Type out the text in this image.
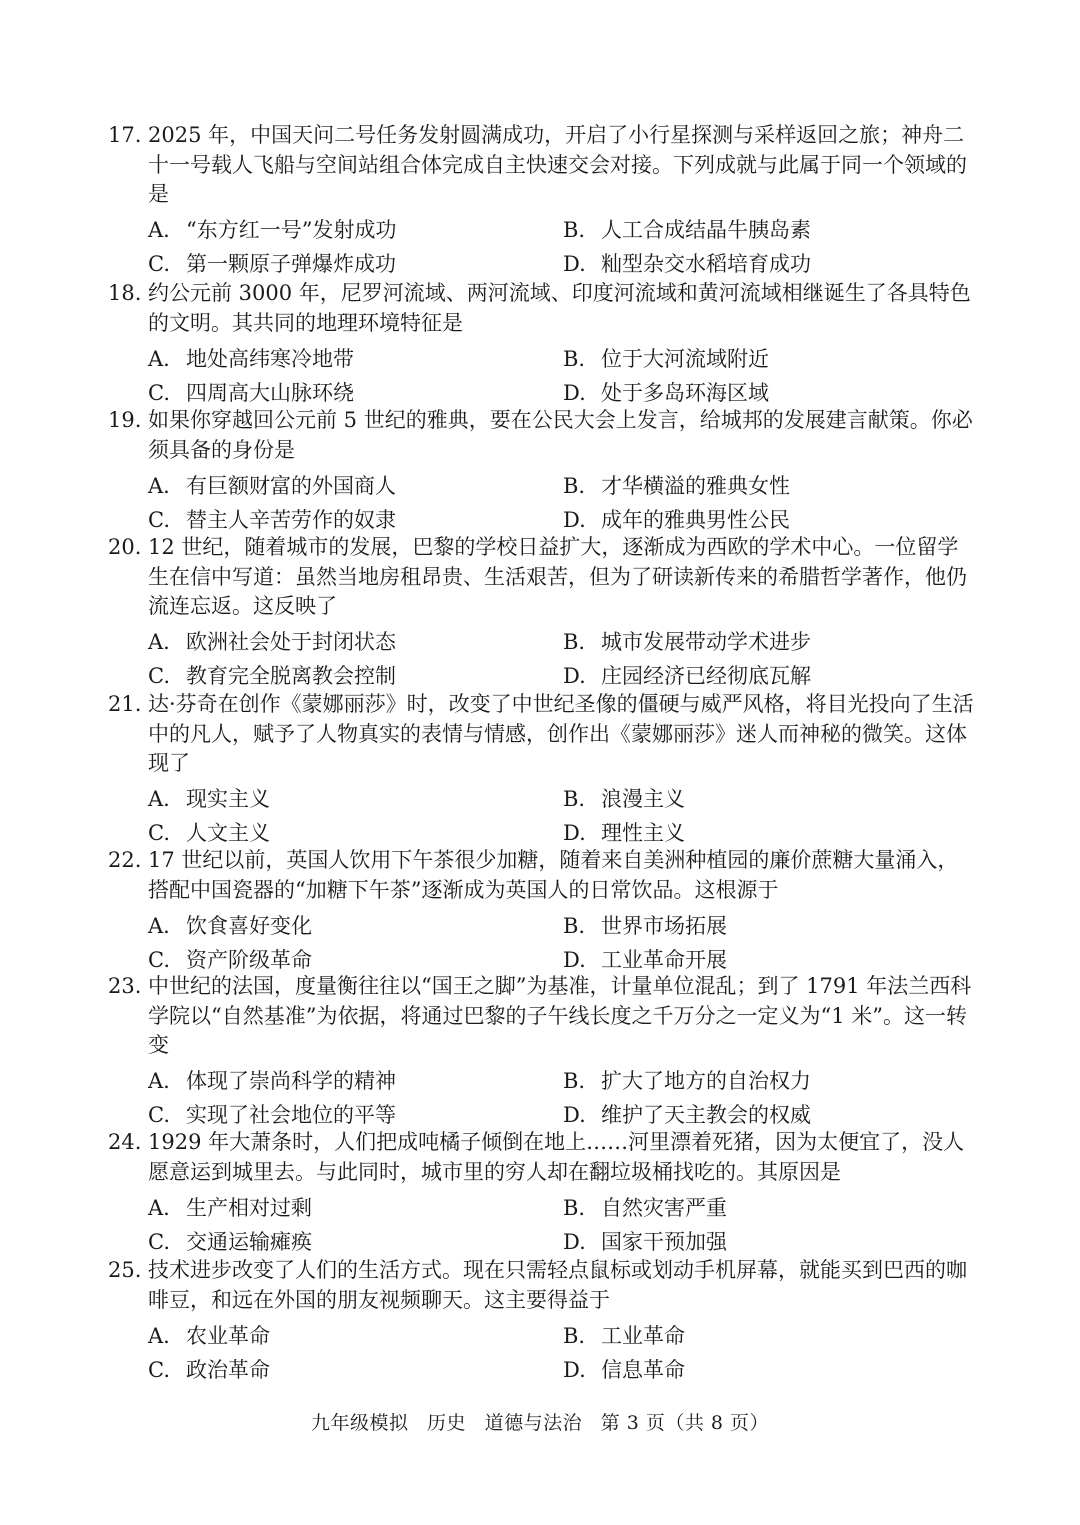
17. 2025 年，中国天问二号任务发射圆满成功，开启了小行星探测与采样返回之旅；神舟二十一号载人飞船与空间站组合体完成自主快速交会对接。下列成就与此属于同一个领域的是
A. “东方红一号”发射成功	B. 人工合成结晶牛胰岛素
C. 第一颗原子弹爆炸成功	D. 籼型杂交水稻培育成功
18. 约公元前 3000 年，尼罗河流域、两河流域、印度河流域和黄河流域相继诞生了各具特色的文明。其共同的地理环境特征是
A. 地处高纬寒冷地带	B. 位于大河流域附近
C. 四周高大山脉环绕	D. 处于多岛环海区域
19. 如果你穿越回公元前 5 世纪的雅典，要在公民大会上发言，给城邦的发展建言献策。你必须具备的身份是
A. 有巨额财富的外国商人	B. 才华横溢的雅典女性
C. 替主人辛苦劳作的奴隶	D. 成年的雅典男性公民
20. 12 世纪，随着城市的发展，巴黎的学校日益扩大，逐渐成为西欧的学术中心。一位留学生在信中写道：虽然当地房租昂贵、生活艰苦，但为了研读新传来的希腊哲学著作，他仍流连忘返。这反映了
A. 欧洲社会处于封闭状态	B. 城市发展带动学术进步
C. 教育完全脱离教会控制	D. 庄园经济已经彻底瓦解
21. 达·芬奇在创作《蒙娜丽莎》时，改变了中世纪圣像的僵硬与威严风格，将目光投向了生活中的凡人，赋予了人物真实的表情与情感，创作出《蒙娜丽莎》迷人而神秘的微笑。这体现了
A. 现实主义	B. 浪漫主义
C. 人文主义	D. 理性主义
22. 17 世纪以前，英国人饮用下午茶很少加糖，随着来自美洲种植园的廉价蔗糖大量涌入，搭配中国瓷器的“加糖下午茶”逐渐成为英国人的日常饮品。这根源于
A. 饮食喜好变化	B. 世界市场拓展
C. 资产阶级革命	D. 工业革命开展
23. 中世纪的法国，度量衡往往以“国王之脚”为基准，计量单位混乱；到了 1791 年法兰西科学院以“自然基准”为依据，将通过巴黎的子午线长度之千万分之一定义为“1 米”。这一转变
A. 体现了崇尚科学的精神	B. 扩大了地方的自治权力
C. 实现了社会地位的平等	D. 维护了天主教会的权威
24. 1929 年大萧条时，人们把成吨橘子倾倒在地上……河里漂着死猪，因为太便宜了，没人愿意运到城里去。与此同时，城市里的穷人却在翻垃圾桶找吃的。其原因是
A. 生产相对过剩	B. 自然灾害严重
C. 交通运输瘫痪	D. 国家干预加强
25. 技术进步改变了人们的生活方式。现在只需轻点鼠标或划动手机屏幕，就能买到巴西的咖啡豆，和远在外国的朋友视频聊天。这主要得益于
A. 农业革命	B. 工业革命
C. 政治革命	D. 信息革命
九年级模拟 历史 道德与法治 第 3 页（共 8 页）
